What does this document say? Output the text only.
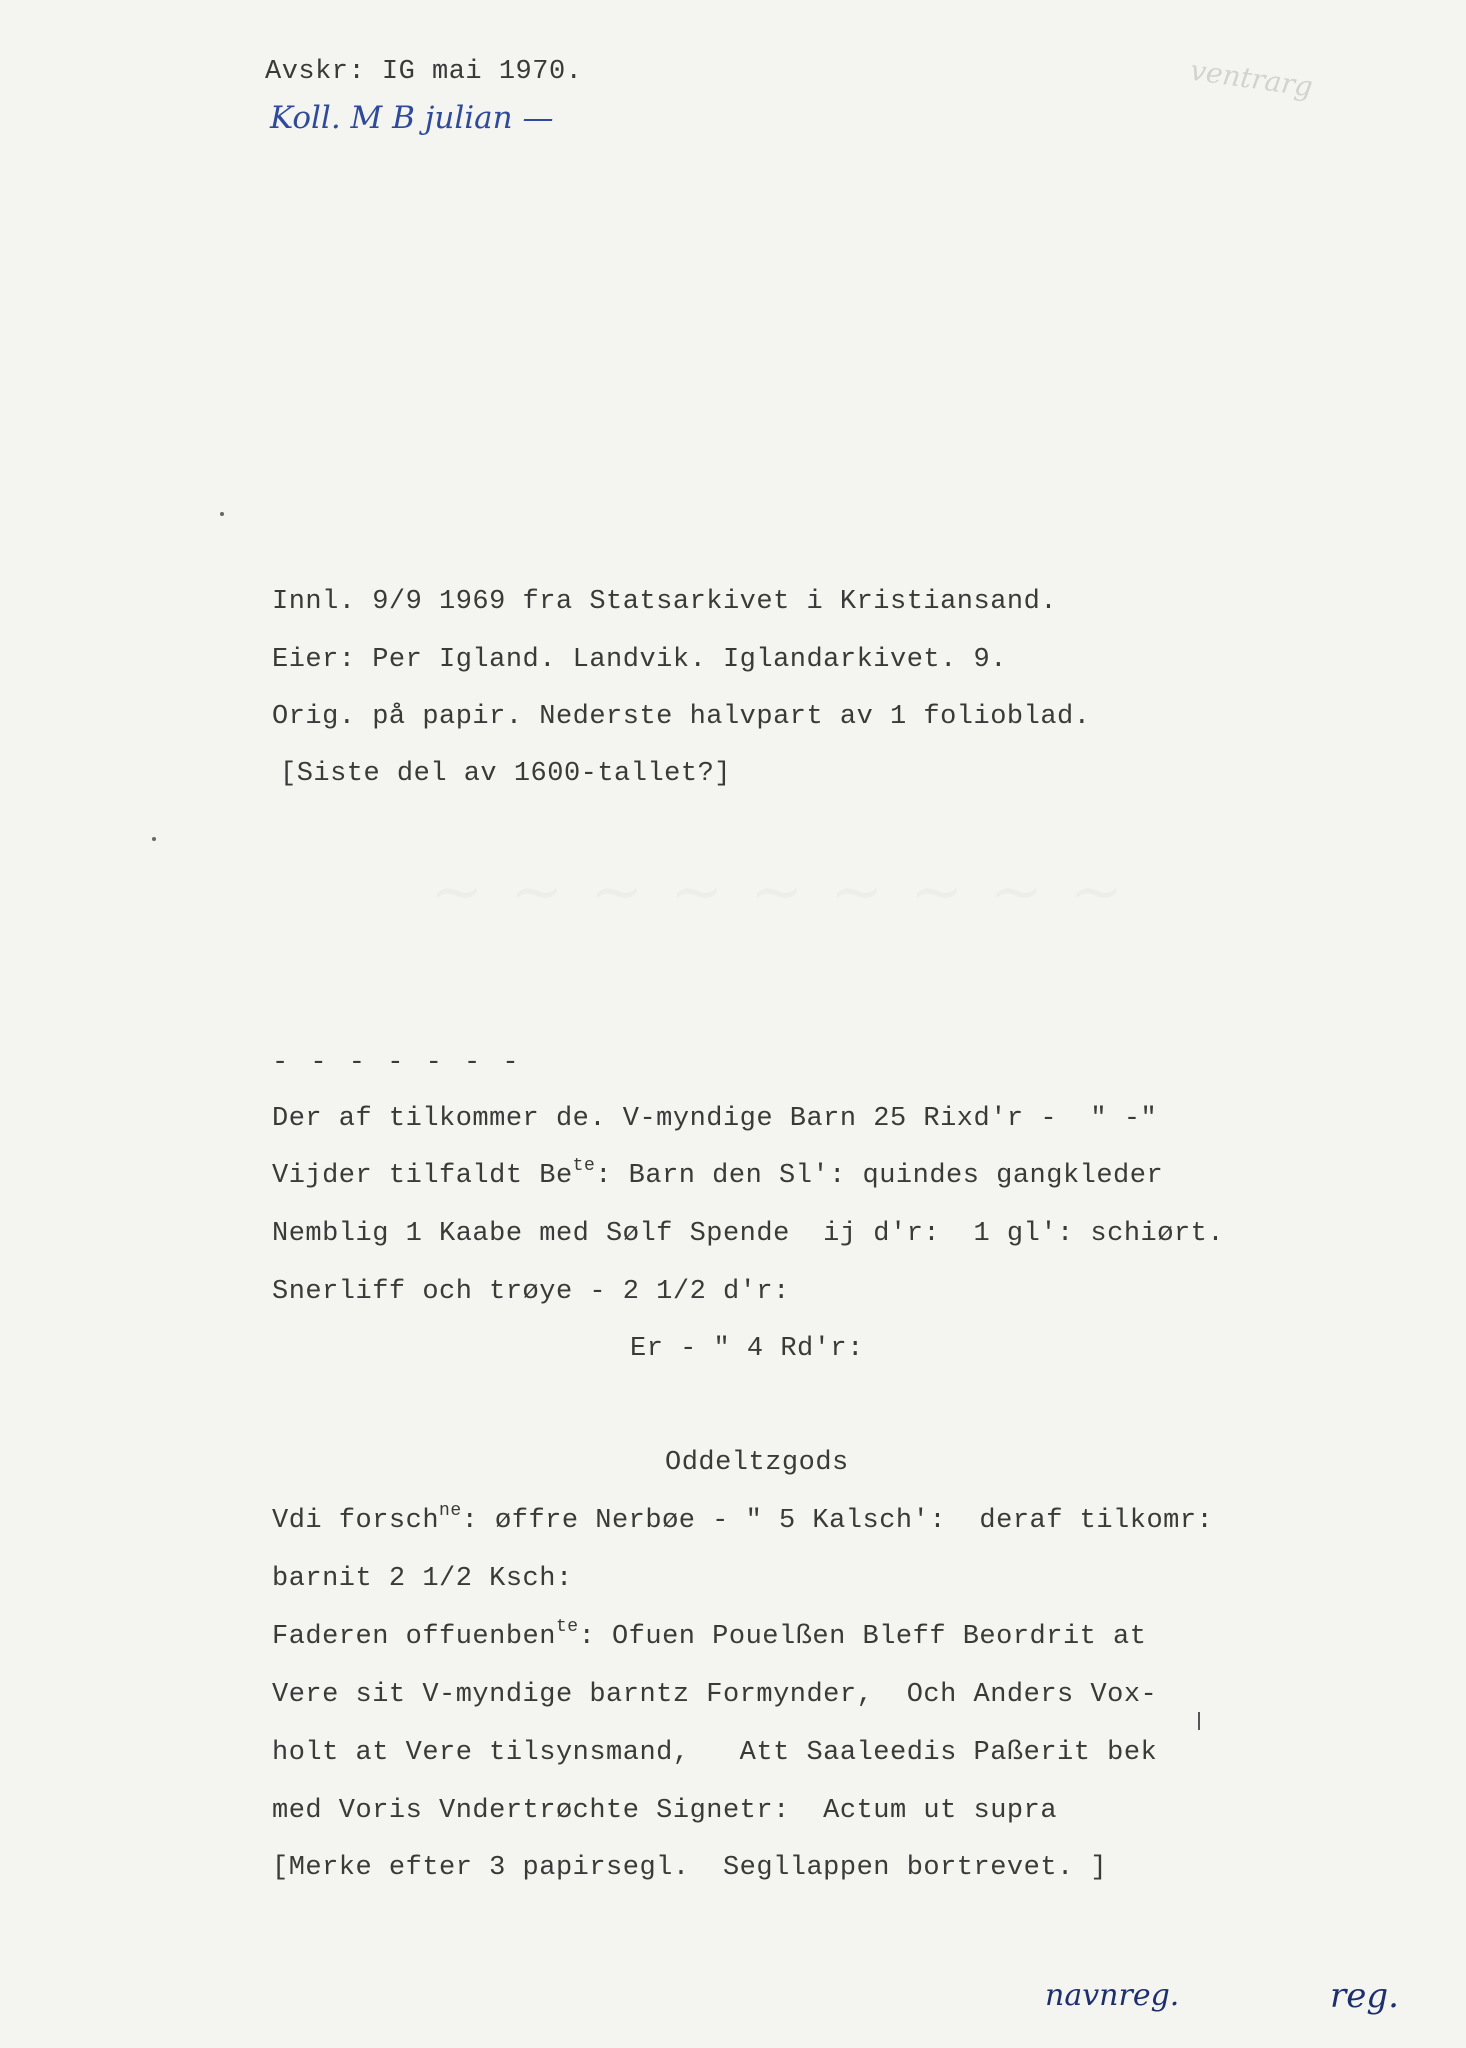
~ ~ ~ ~ ~ ~ ~ ~ ~
Avskr: IG mai 1970.
Koll. M B julian —
ventrarg
Innl. 9/9 1969 fra Statsarkivet i Kristiansand.
Eier: Per Igland. Landvik. Iglandarkivet. 9.
Orig. på papir. Nederste halvpart av 1 folioblad.
[Siste del av 1600-tallet?]
- - - - - - -
Der af tilkommer de. V-myndige Barn 25 Rixd'r -  " -"
Vijder tilfaldt $Be^{te}$: Barn den Sl': quindes gangkleder
Nemblig 1 Kaabe med Sølf Spende  ij d'r:  1 gl': schiørt.
Snerliff och trøye - 2 1/2 d'r:
Er - " 4 Rd'r:
Oddeltzgods
Vdi forsch$^{ne}$: øffre Nerbøe - " 5 Kalsch':  deraf tilkomr:
barnit 2 1/2 Ksch:
Faderen offuenben$^{te}$: Ofuen Pouelßen Bleff Beordrit at
Vere sit V-myndige barntz Formynder,  Och Anders Vox-
holt at Vere tilsynsmand,   Att Saaleedis Paßerit bek
med Voris Vndertrøchte Signetr:  Actum ut supra
[Merke efter 3 papirsegl.  Segllappen bortrevet. ]
navnreg.	reg.
